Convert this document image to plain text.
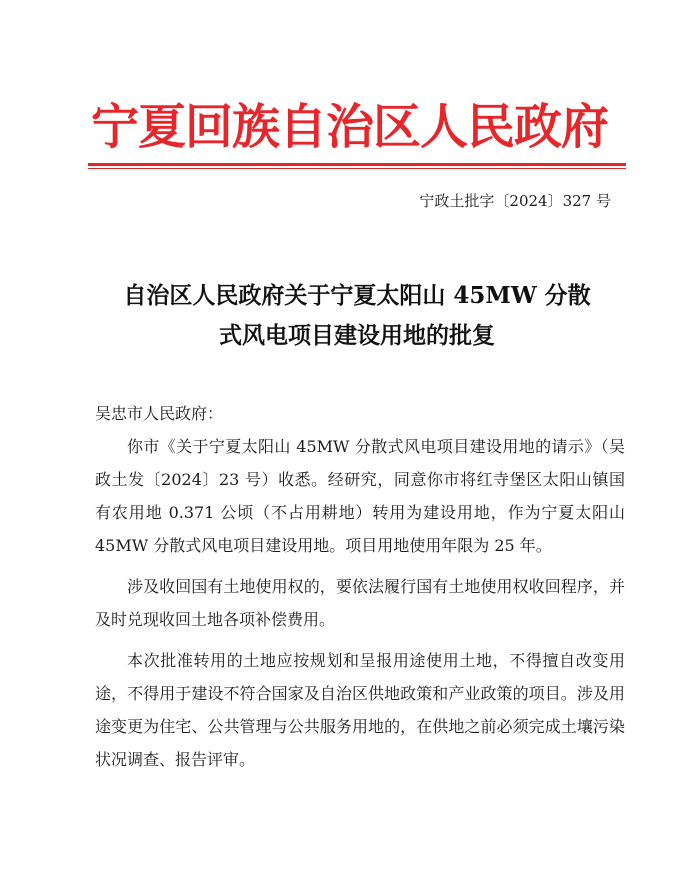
宁夏回族自治区人民政府
宁政土批字〔2024〕327 号
自治区人民政府关于宁夏太阳山 45MW 分散
式风电项目建设用地的批复

吴忠市人民政府：

你市《关于宁夏太阳山 45MW 分散式风电项目建设用地的请示》（吴政土发〔2024〕23 号）收悉。经研究，同意你市将红寺堡区太阳山镇国有农用地 0.371 公顷（不占用耕地）转用为建设用地，作为宁夏太阳山 45MW 分散式风电项目建设用地。项目用地使用年限为 25 年。

涉及收回国有土地使用权的，要依法履行国有土地使用权收回程序，并及时兑现收回土地各项补偿费用。

本次批准转用的土地应按规划和呈报用途使用土地，不得擅自改变用途，不得用于建设不符合国家及自治区供地政策和产业政策的项目。涉及用途变更为住宅、公共管理与公共服务用地的，在供地之前必须完成土壤污染状况调查、报告评审。
